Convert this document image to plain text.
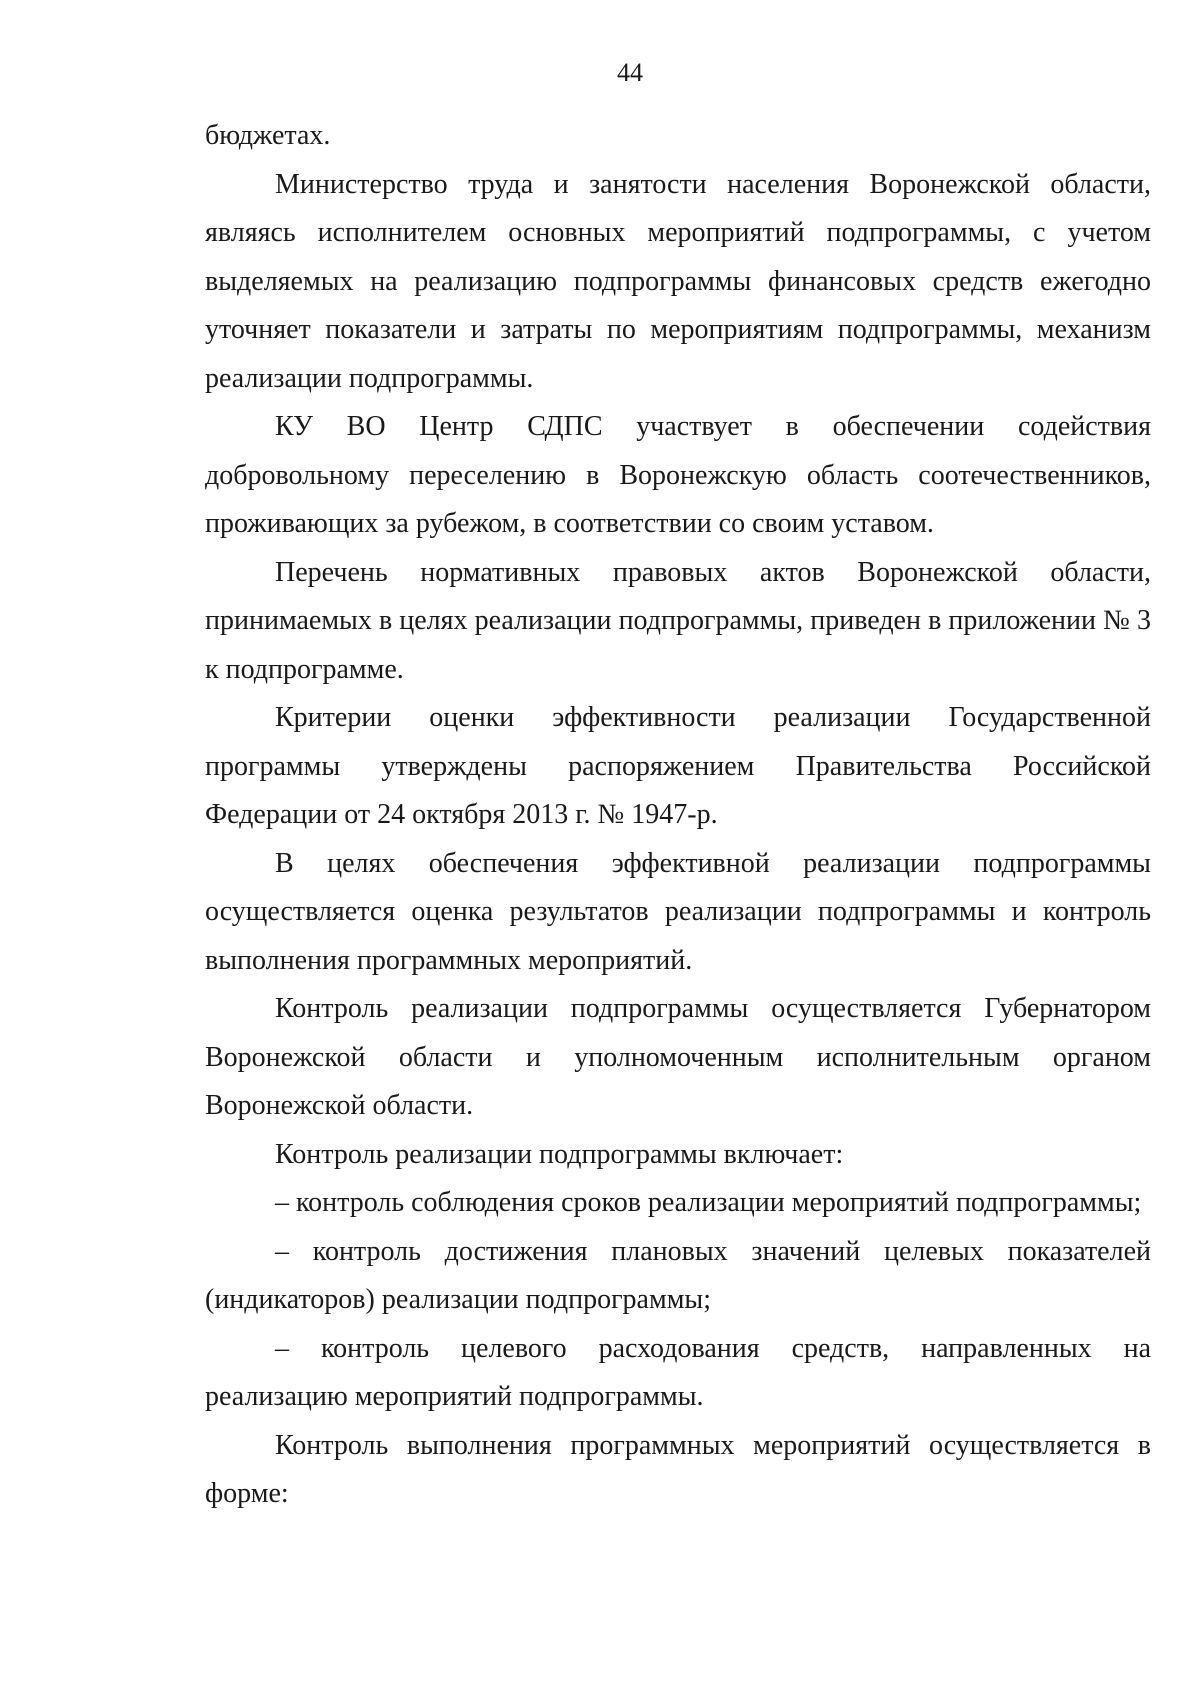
44

бюджетах.

Министерство труда и занятости населения Воронежской области, являясь исполнителем основных мероприятий подпрограммы, с учетом выделяемых на реализацию подпрограммы финансовых средств ежегодно уточняет показатели и затраты по мероприятиям подпрограммы, механизм реализации подпрограммы.

КУ ВО Центр СДПС участвует в обеспечении содействия добровольному переселению в Воронежскую область соотечественников, проживающих за рубежом, в соответствии со своим уставом.

Перечень нормативных правовых актов Воронежской области, принимаемых в целях реализации подпрограммы, приведен в приложении № 3 к подпрограмме.

Критерии оценки эффективности реализации Государственной программы утверждены распоряжением Правительства Российской Федерации от 24 октября 2013 г. № 1947-р.

В целях обеспечения эффективной реализации подпрограммы осуществляется оценка результатов реализации подпрограммы и контроль выполнения программных мероприятий.

Контроль реализации подпрограммы осуществляется Губернатором Воронежской области и уполномоченным исполнительным органом Воронежской области.

Контроль реализации подпрограммы включает:

– контроль соблюдения сроков реализации мероприятий подпрограммы;

– контроль достижения плановых значений целевых показателей (индикаторов) реализации подпрограммы;

– контроль целевого расходования средств, направленных на реализацию мероприятий подпрограммы.

Контроль выполнения программных мероприятий осуществляется в форме:
